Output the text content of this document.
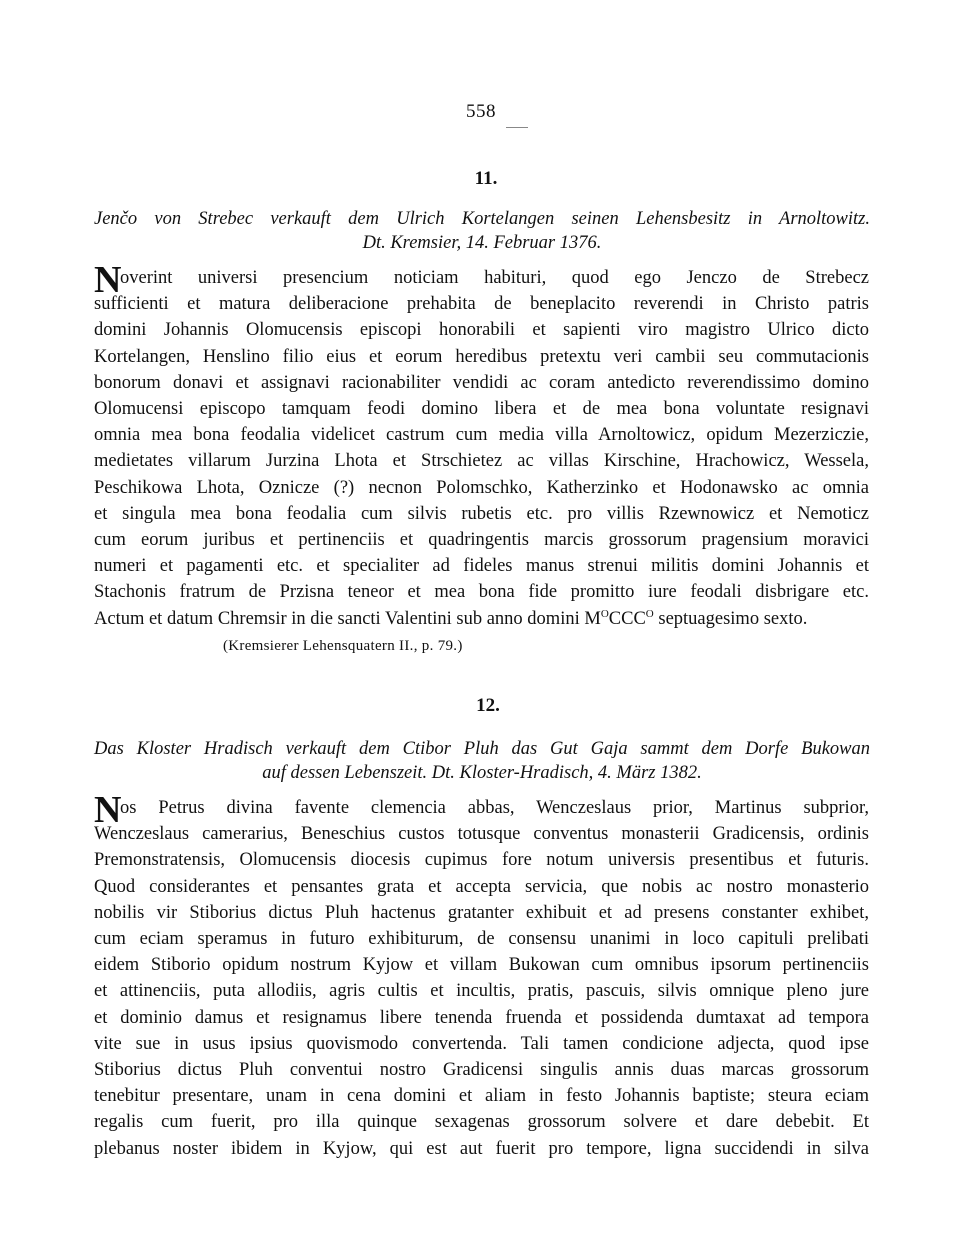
558
11.
Jenčo von Strebec verkauft dem Ulrich Kortelangen seinen Lehensbesitz in Arnoltowitz.
Dt. Kremsier, 14. Februar 1376.
N
overint universi presencium noticiam habituri, quod ego Jenczo de Strebecz
sufficienti et matura deliberacione prehabita de beneplacito reverendi in Christo patris
domini Johannis Olomucensis episcopi honorabili et sapienti viro magistro Ulrico dicto
Kortelangen, Henslino filio eius et eorum heredibus pretextu veri cambii seu commutacionis
bonorum donavi et assignavi racionabiliter vendidi ac coram antedicto reverendissimo domino
Olomucensi episcopo tamquam feodi domino libera et de mea bona voluntate resignavi
omnia mea bona feodalia videlicet castrum cum media villa Arnoltowicz, opidum Mezerziczie,
medietates villarum Jurzina Lhota et Strschietez ac villas Kirschine, Hrachowicz, Wessela,
Peschikowa Lhota, Oznicze (?) necnon Polomschko, Katherzinko et Hodonawsko ac omnia
et singula mea bona feodalia cum silvis rubetis etc. pro villis Rzewnowicz et Nemoticz
cum eorum juribus et pertinenciis et quadringentis marcis grossorum pragensium moravici
numeri et pagamenti etc. et specialiter ad fideles manus strenui militis domini Johannis et
Stachonis fratrum de Przisna teneor et mea bona fide promitto iure feodali disbrigare etc.
Actum et datum Chremsir in die sancti Valentini sub anno domini $M^OCCC^O$ septuagesimo sexto.
(Kremsierer Lehensquatern II., p. 79.)
12.
Das Kloster Hradisch verkauft dem Ctibor Pluh das Gut Gaja sammt dem Dorfe Bukowan
auf dessen Lebenszeit. Dt. Kloster-Hradisch, 4. März 1382.
N
os Petrus divina favente clemencia abbas, Wenczeslaus prior, Martinus subprior,
Wenczeslaus camerarius, Beneschius custos totusque conventus monasterii Gradicensis, ordinis
Premonstratensis, Olomucensis diocesis cupimus fore notum universis presentibus et futuris.
Quod considerantes et pensantes grata et accepta servicia, que nobis ac nostro monasterio
nobilis vir Stiborius dictus Pluh hactenus gratanter exhibuit et ad presens constanter exhibet,
cum eciam speramus in futuro exhibiturum, de consensu unanimi in loco capituli prelibati
eidem Stiborio opidum nostrum Kyjow et villam Bukowan cum omnibus ipsorum pertinenciis
et attinenciis, puta allodiis, agris cultis et incultis, pratis, pascuis, silvis omnique pleno jure
et dominio damus et resignamus libere tenenda fruenda et possidenda dumtaxat ad tempora
vite sue in usus ipsius quovismodo convertenda. Tali tamen condicione adjecta, quod ipse
Stiborius dictus Pluh conventui nostro Gradicensi singulis annis duas marcas grossorum
tenebitur presentare, unam in cena domini et aliam in festo Johannis baptiste; steura eciam
regalis cum fuerit, pro illa quinque sexagenas grossorum solvere et dare debebit. Et
plebanus noster ibidem in Kyjow, qui est aut fuerit pro tempore, ligna succidendi in silva
